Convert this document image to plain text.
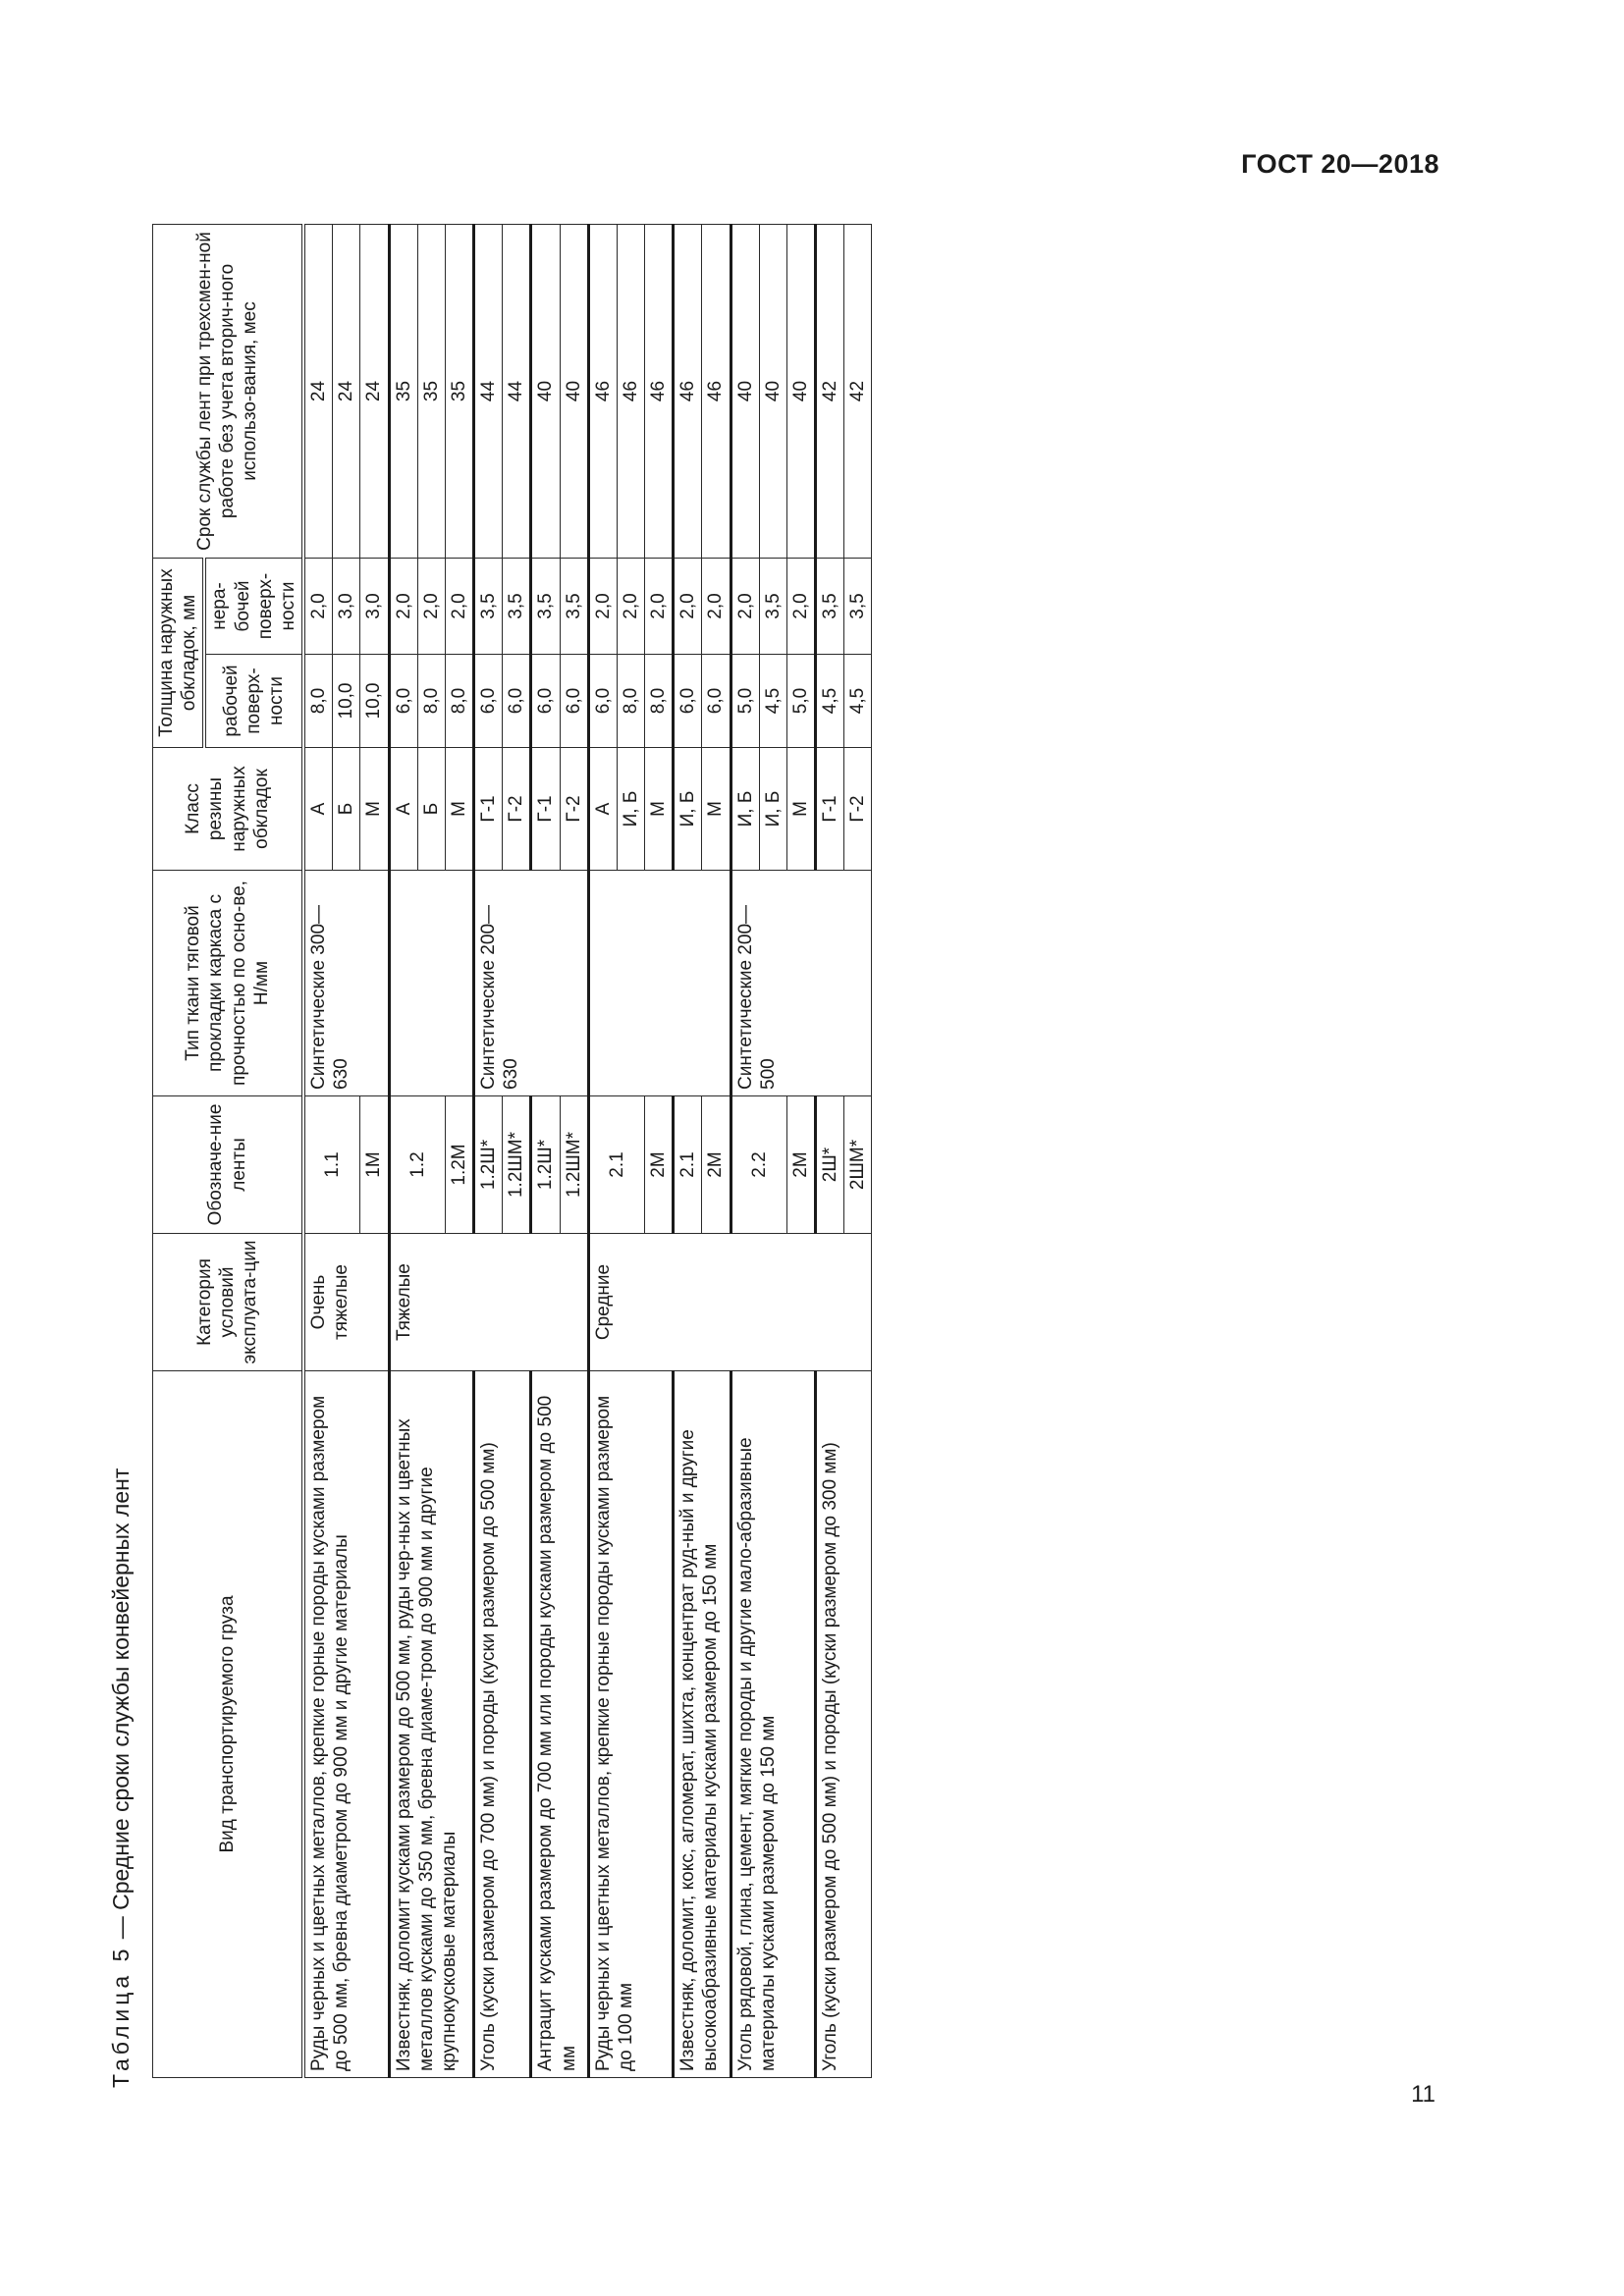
ГОСТ 20—2018
Таблица 5 — Средние сроки службы конвейерных лент	Вид транспортируемого груза	Категория условий эксплуата-ции	Обозначе-ние ленты	Тип ткани тяговой прокладки каркаса с прочностью по осно-ве, Н/мм	Класс резины наружных обкладок	Толщина наружных обкладок, мм		Срок службы лент при трехсмен-ной работе без учета вторич-ного использо-вания, мес
					рабочей поверх-ности	нера-бочей поверх-ности	
Руды черных и цветных металлов, крепкие горные породы кусками размером до 500 мм, бревна диаметром до 900 мм и другие материалы	Очень тяжелые	1.1	Синтетические 300—630	А	8,0	2,0	24
				Б	10,0	3,0	24
		1М		М	10,0	3,0	24
Известняк, доломит кусками размером до 500 мм, руды чер-ных и цветных металлов кусками до 350 мм, бревна диаме-тром до 900 мм и другие крупнокусковые материалы	Тяжелые	1.2		А	6,0	2,0	35
				Б	8,0	2,0	35
		1.2М		М	8,0	2,0	35
Уголь (куски размером до 700 мм) и породы (куски размером до 500 мм)		1.2Ш*	Синтетические 200—630	Г-1	6,0	3,5	44
		1.2ШМ*		Г-2	6,0	3,5	44
Антрацит кусками размером до 700 мм или породы кусками размером до 500 мм		1.2Ш*		Г-1	6,0	3,5	40
		1.2ШМ*		Г-2	6,0	3,5	40
Руды черных и цветных металлов, крепкие горные породы кусками размером до 100 мм	Средние	2.1		А	6,0	2,0	46
				И, Б	8,0	2,0	46
		2М		М	8,0	2,0	46
Известняк, доломит, кокс, агломерат, шихта, концентрат руд-ный и другие высокоабразивные материалы кусками размером до 150 мм		2.1		И, Б	6,0	2,0	46
		2М		М	6,0	2,0	46
Уголь рядовой, глина, цемент, мягкие породы и другие мало-абразивные материалы кусками размером до 150 мм		2.2	Синтетические 200—500	И, Б	5,0	2,0	40
				И, Б	4,5	3,5	40
		2М		М	5,0	2,0	40
Уголь (куски размером до 500 мм) и породы (куски размером до 300 мм)		2Ш*		Г-1	4,5	3,5	42
		2ШМ*		Г-2	4,5	3,5	42
11
